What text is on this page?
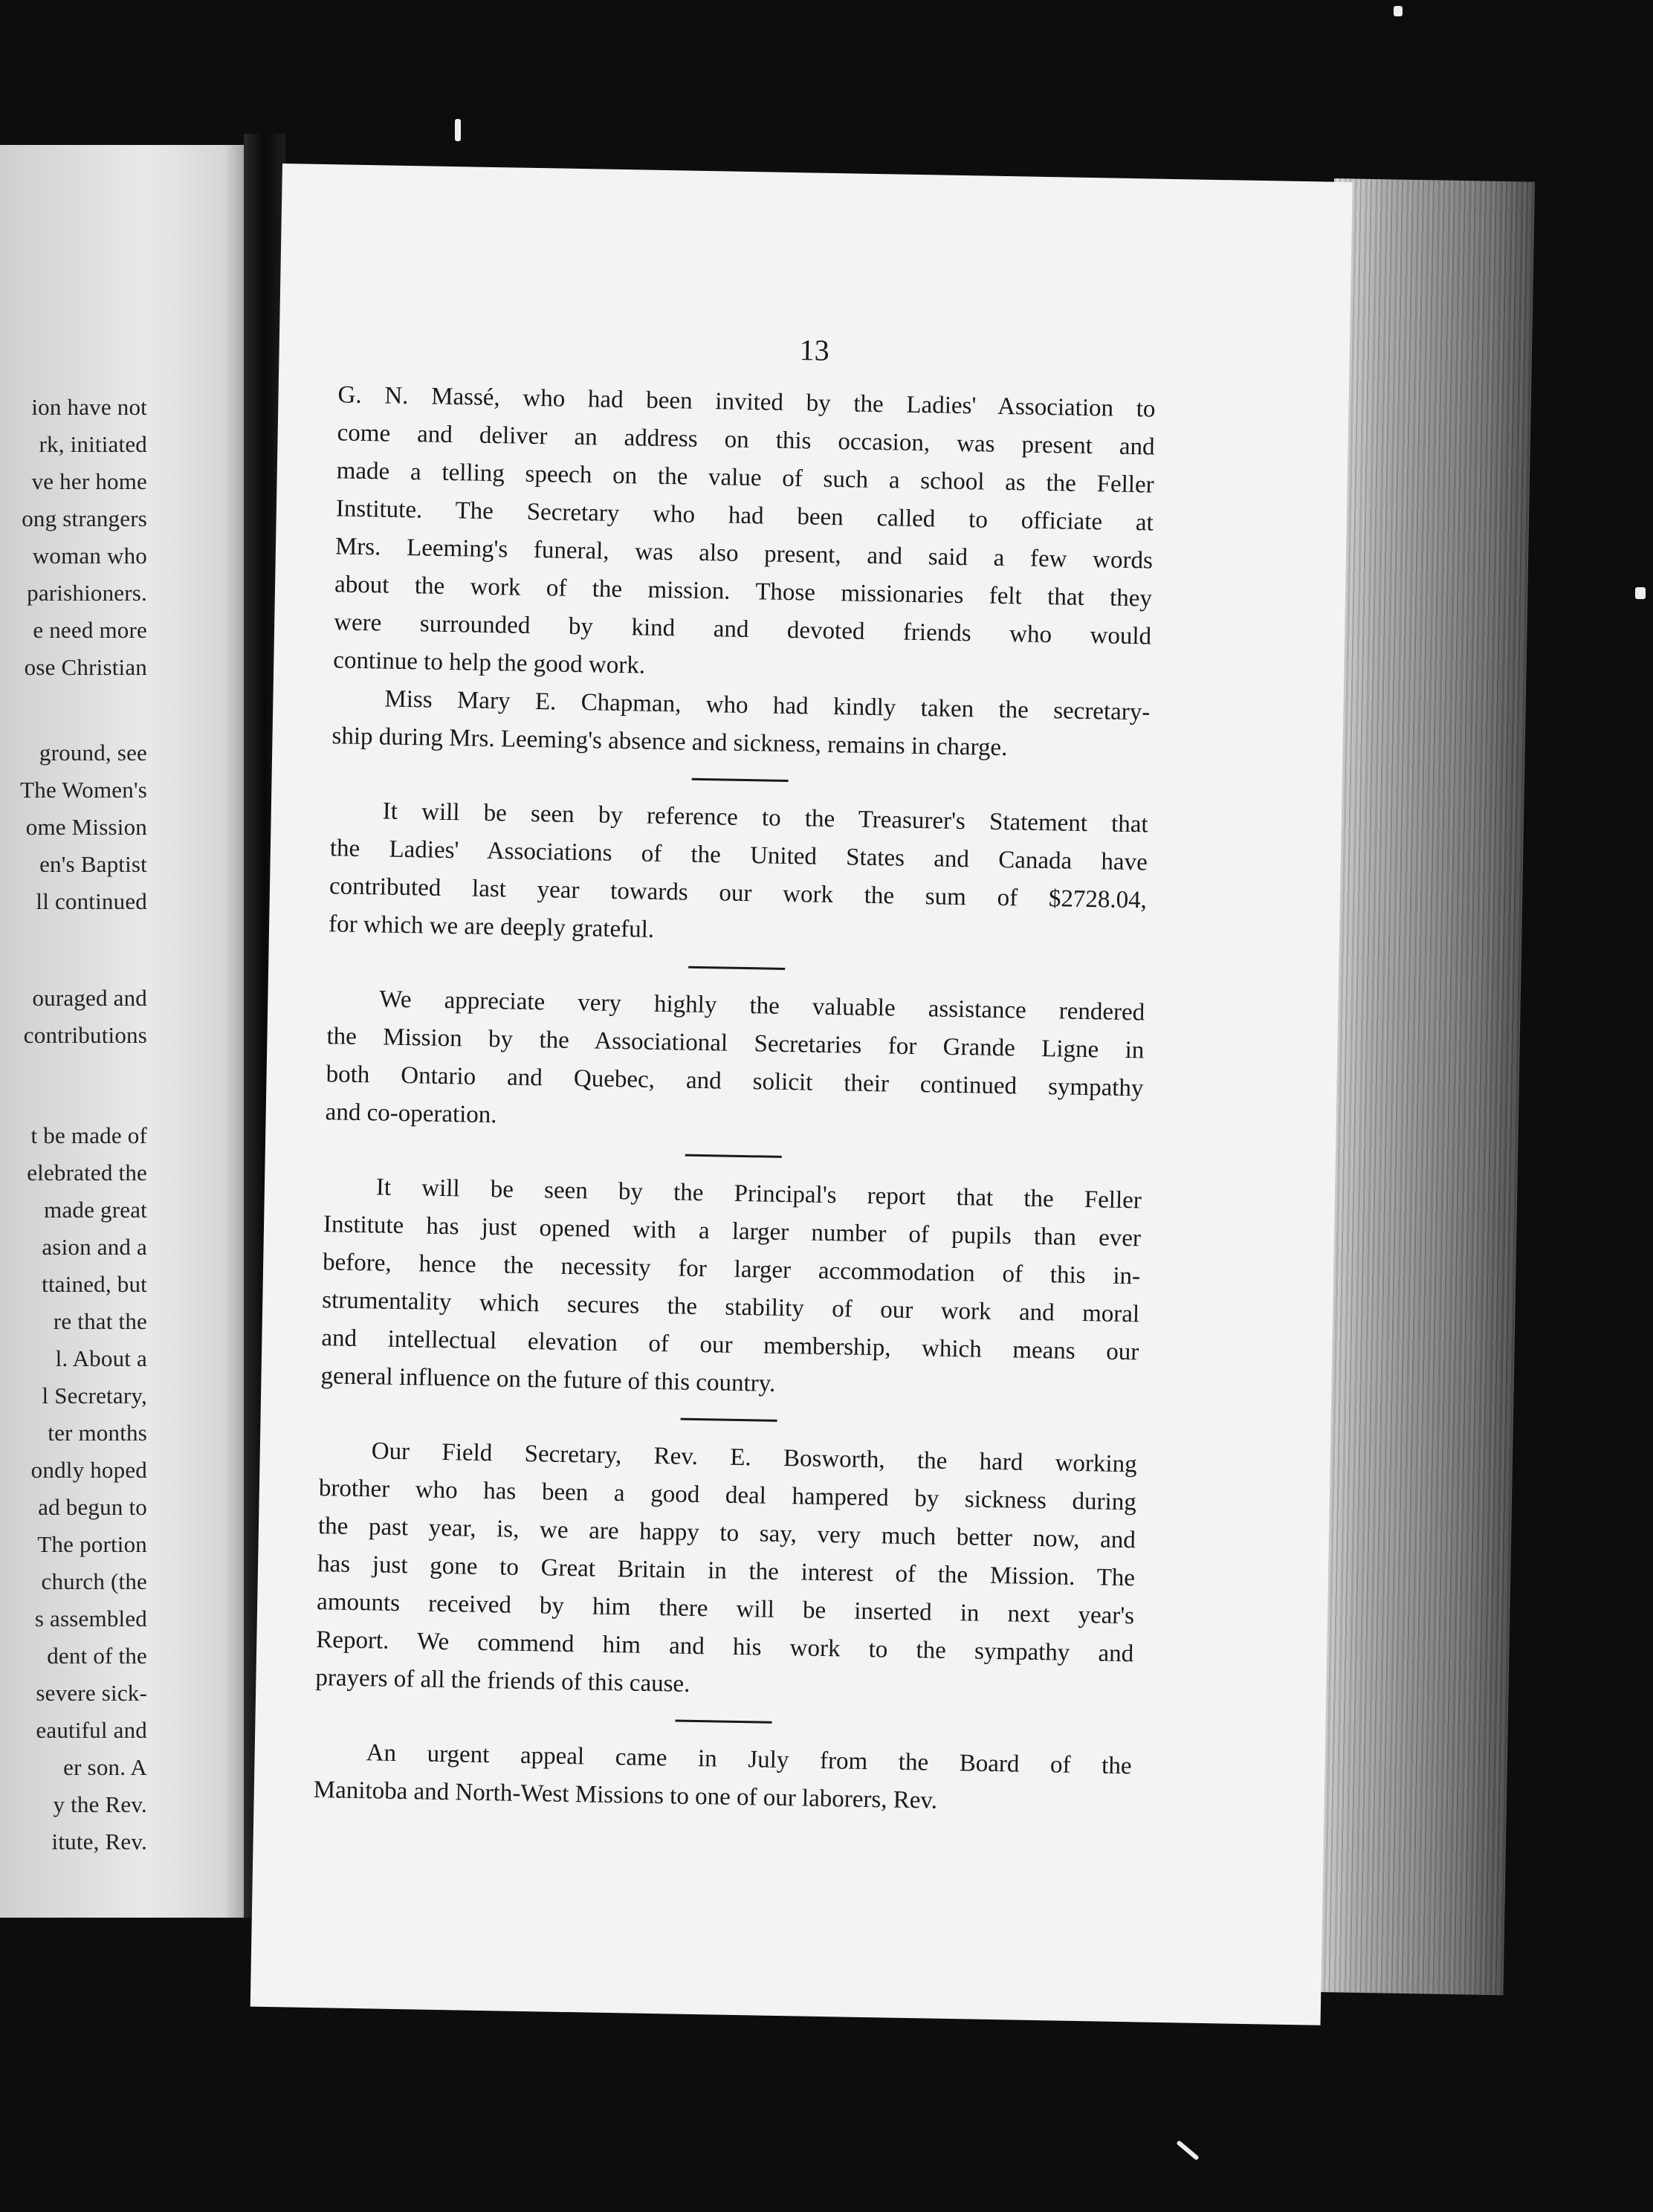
ion have not
rk, initiated
ve her home
ong strangers
woman who
parishioners.
e need more
ose Christian
ground, see
The Women's
ome Mission
en's Baptist
ll continued
ouraged and
contributions
t be made of
elebrated the
made great
asion and a
ttained, but
re that the
l. About a
l Secretary,
ter months
ondly hoped
ad begun to
The portion
church (the
s assembled
dent of the
severe sick-
eautiful and
er son. A
y the Rev.
itute, Rev.
13

G. N. Massé, who had been invited by the Ladies' Association to
come and deliver an address on this occasion, was present and
made a telling speech on the value of such a school as the Feller
Institute. The Secretary who had been called to officiate at
Mrs. Leeming's funeral, was also present, and said a few words
about the work of the mission. Those missionaries felt that they
were surrounded by kind and devoted friends who would
continue to help the good work.

Miss Mary E. Chapman, who had kindly taken the secretary-
ship during Mrs. Leeming's absence and sickness, remains in charge.

It will be seen by reference to the Treasurer's Statement that
the Ladies' Associations of the United States and Canada have
contributed last year towards our work the sum of $2728.04,
for which we are deeply grateful.

We appreciate very highly the valuable assistance rendered
the Mission by the Associational Secretaries for Grande Ligne in
both Ontario and Quebec, and solicit their continued sympathy
and co-operation.

It will be seen by the Principal's report that the Feller
Institute has just opened with a larger number of pupils than ever
before, hence the necessity for larger accommodation of this in-
strumentality which secures the stability of our work and moral
and intellectual elevation of our membership, which means our
general influence on the future of this country.

Our Field Secretary, Rev. E. Bosworth, the hard working
brother who has been a good deal hampered by sickness during
the past year, is, we are happy to say, very much better now, and
has just gone to Great Britain in the interest of the Mission. The
amounts received by him there will be inserted in next year's
Report. We commend him and his work to the sympathy and
prayers of all the friends of this cause.

An urgent appeal came in July from the Board of the
Manitoba and North-West Missions to one of our laborers, Rev.
